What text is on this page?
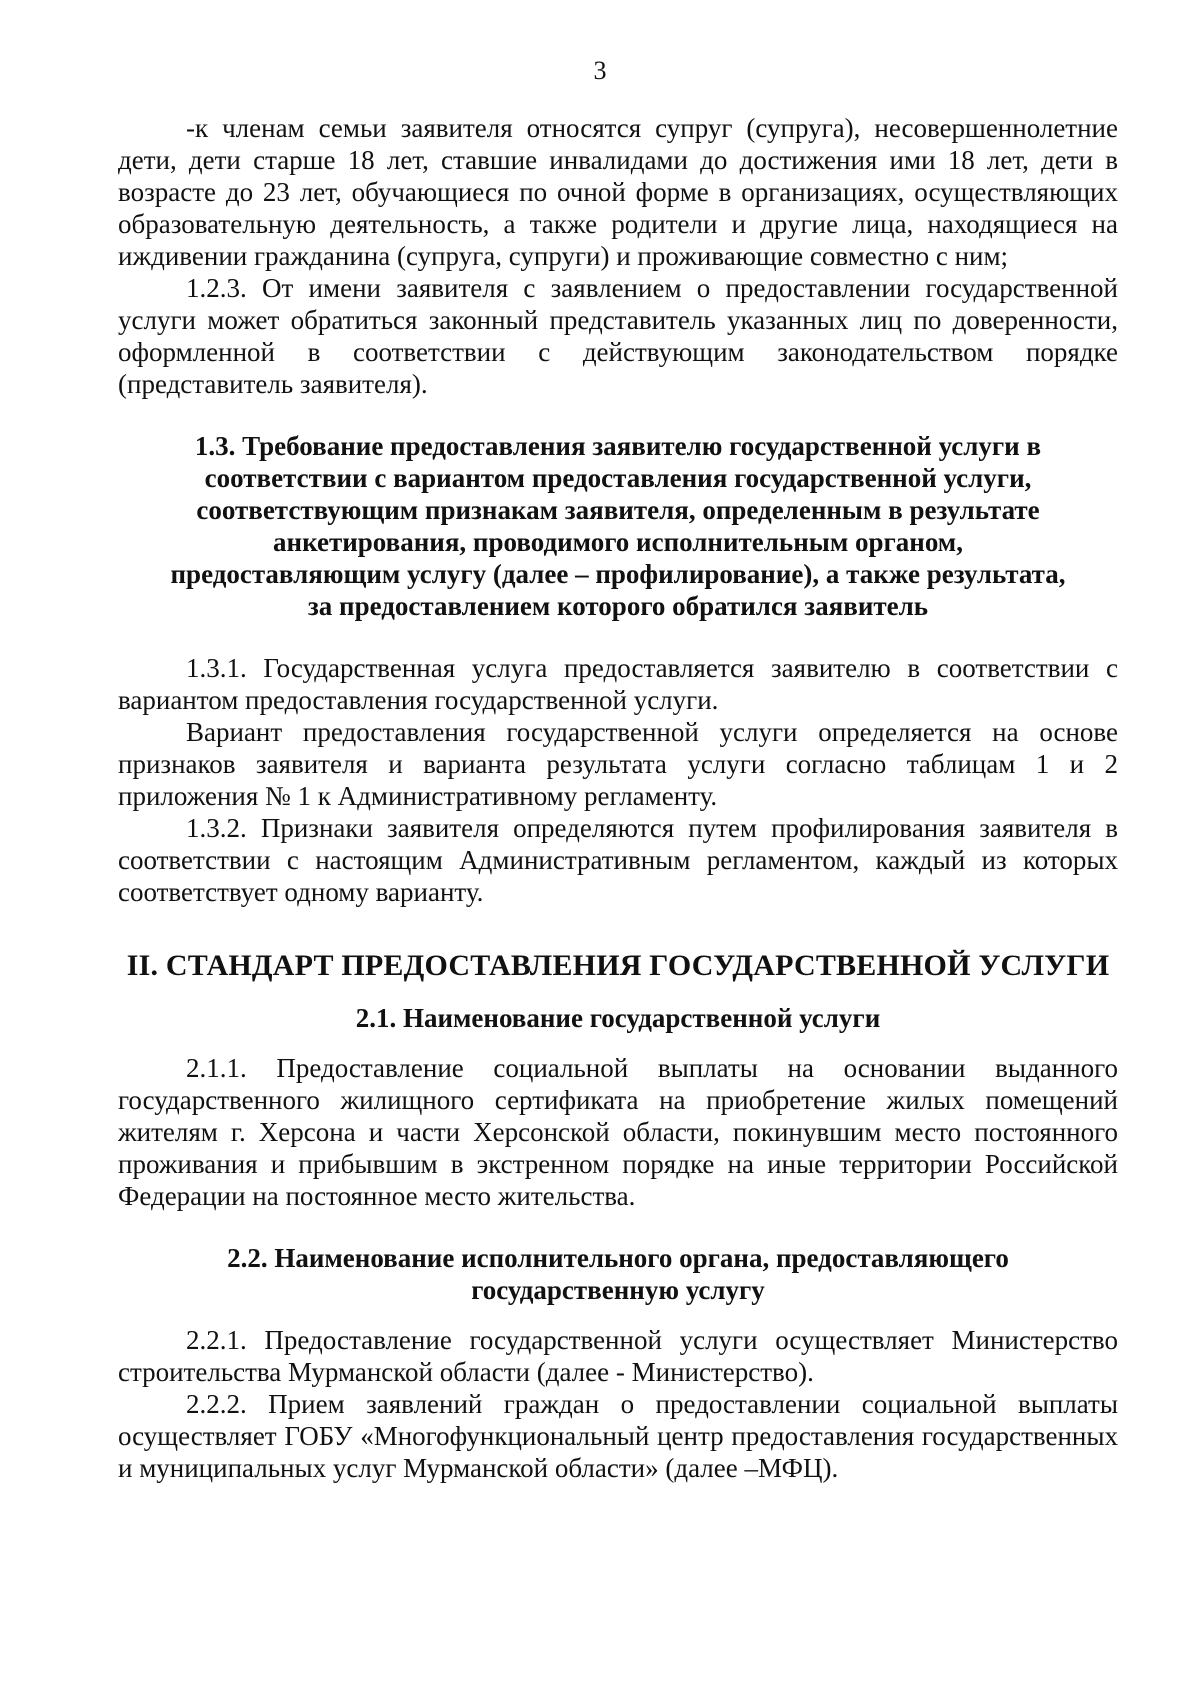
3

-к членам семьи заявителя относятся супруг (супруга), несовершеннолетние дети, дети старше 18 лет, ставшие инвалидами до достижения ими 18 лет, дети в возрасте до 23 лет, обучающиеся по очной форме в организациях, осуществляющих образовательную деятельность, а также родители и другие лица, находящиеся на иждивении гражданина (супруга, супруги) и проживающие совместно с ним;

1.2.3. От имени заявителя с заявлением о предоставлении государственной услуги может обратиться законный представитель указанных лиц по доверенности, оформленной в соответствии с действующим законодательством порядке (представитель заявителя).

1.3. Требование предоставления заявителю государственной услуги в
соответствии с вариантом предоставления государственной услуги,
соответствующим признакам заявителя, определенным в результате
анкетирования, проводимого исполнительным органом,
предоставляющим услугу (далее – профилирование), а также результата,
за предоставлением которого обратился заявитель

1.3.1. Государственная услуга предоставляется заявителю в соответствии с вариантом предоставления государственной услуги.

Вариант предоставления государственной услуги определяется на основе признаков заявителя и варианта результата услуги согласно таблицам 1 и 2 приложения № 1 к Административному регламенту.

1.3.2. Признаки заявителя определяются путем профилирования заявителя в соответствии с настоящим Административным регламентом, каждый из которых соответствует одному варианту.

II. СТАНДАРТ ПРЕДОСТАВЛЕНИЯ ГОСУДАРСТВЕННОЙ УСЛУГИ
2.1. Наименование государственной услуги

2.1.1. Предоставление социальной выплаты на основании выданного государственного жилищного сертификата на приобретение жилых помещений жителям г. Херсона и части Херсонской области, покинувшим место постоянного проживания и прибывшим в экстренном порядке на иные территории Российской Федерации на постоянное место жительства.

2.2. Наименование исполнительного органа, предоставляющего
государственную услугу

2.2.1. Предоставление государственной услуги осуществляет Министерство строительства Мурманской области (далее - Министерство).

2.2.2. Прием заявлений граждан о предоставлении социальной выплаты осуществляет ГОБУ «Многофункциональный центр предоставления государственных и муниципальных услуг Мурманской области» (далее –МФЦ).
